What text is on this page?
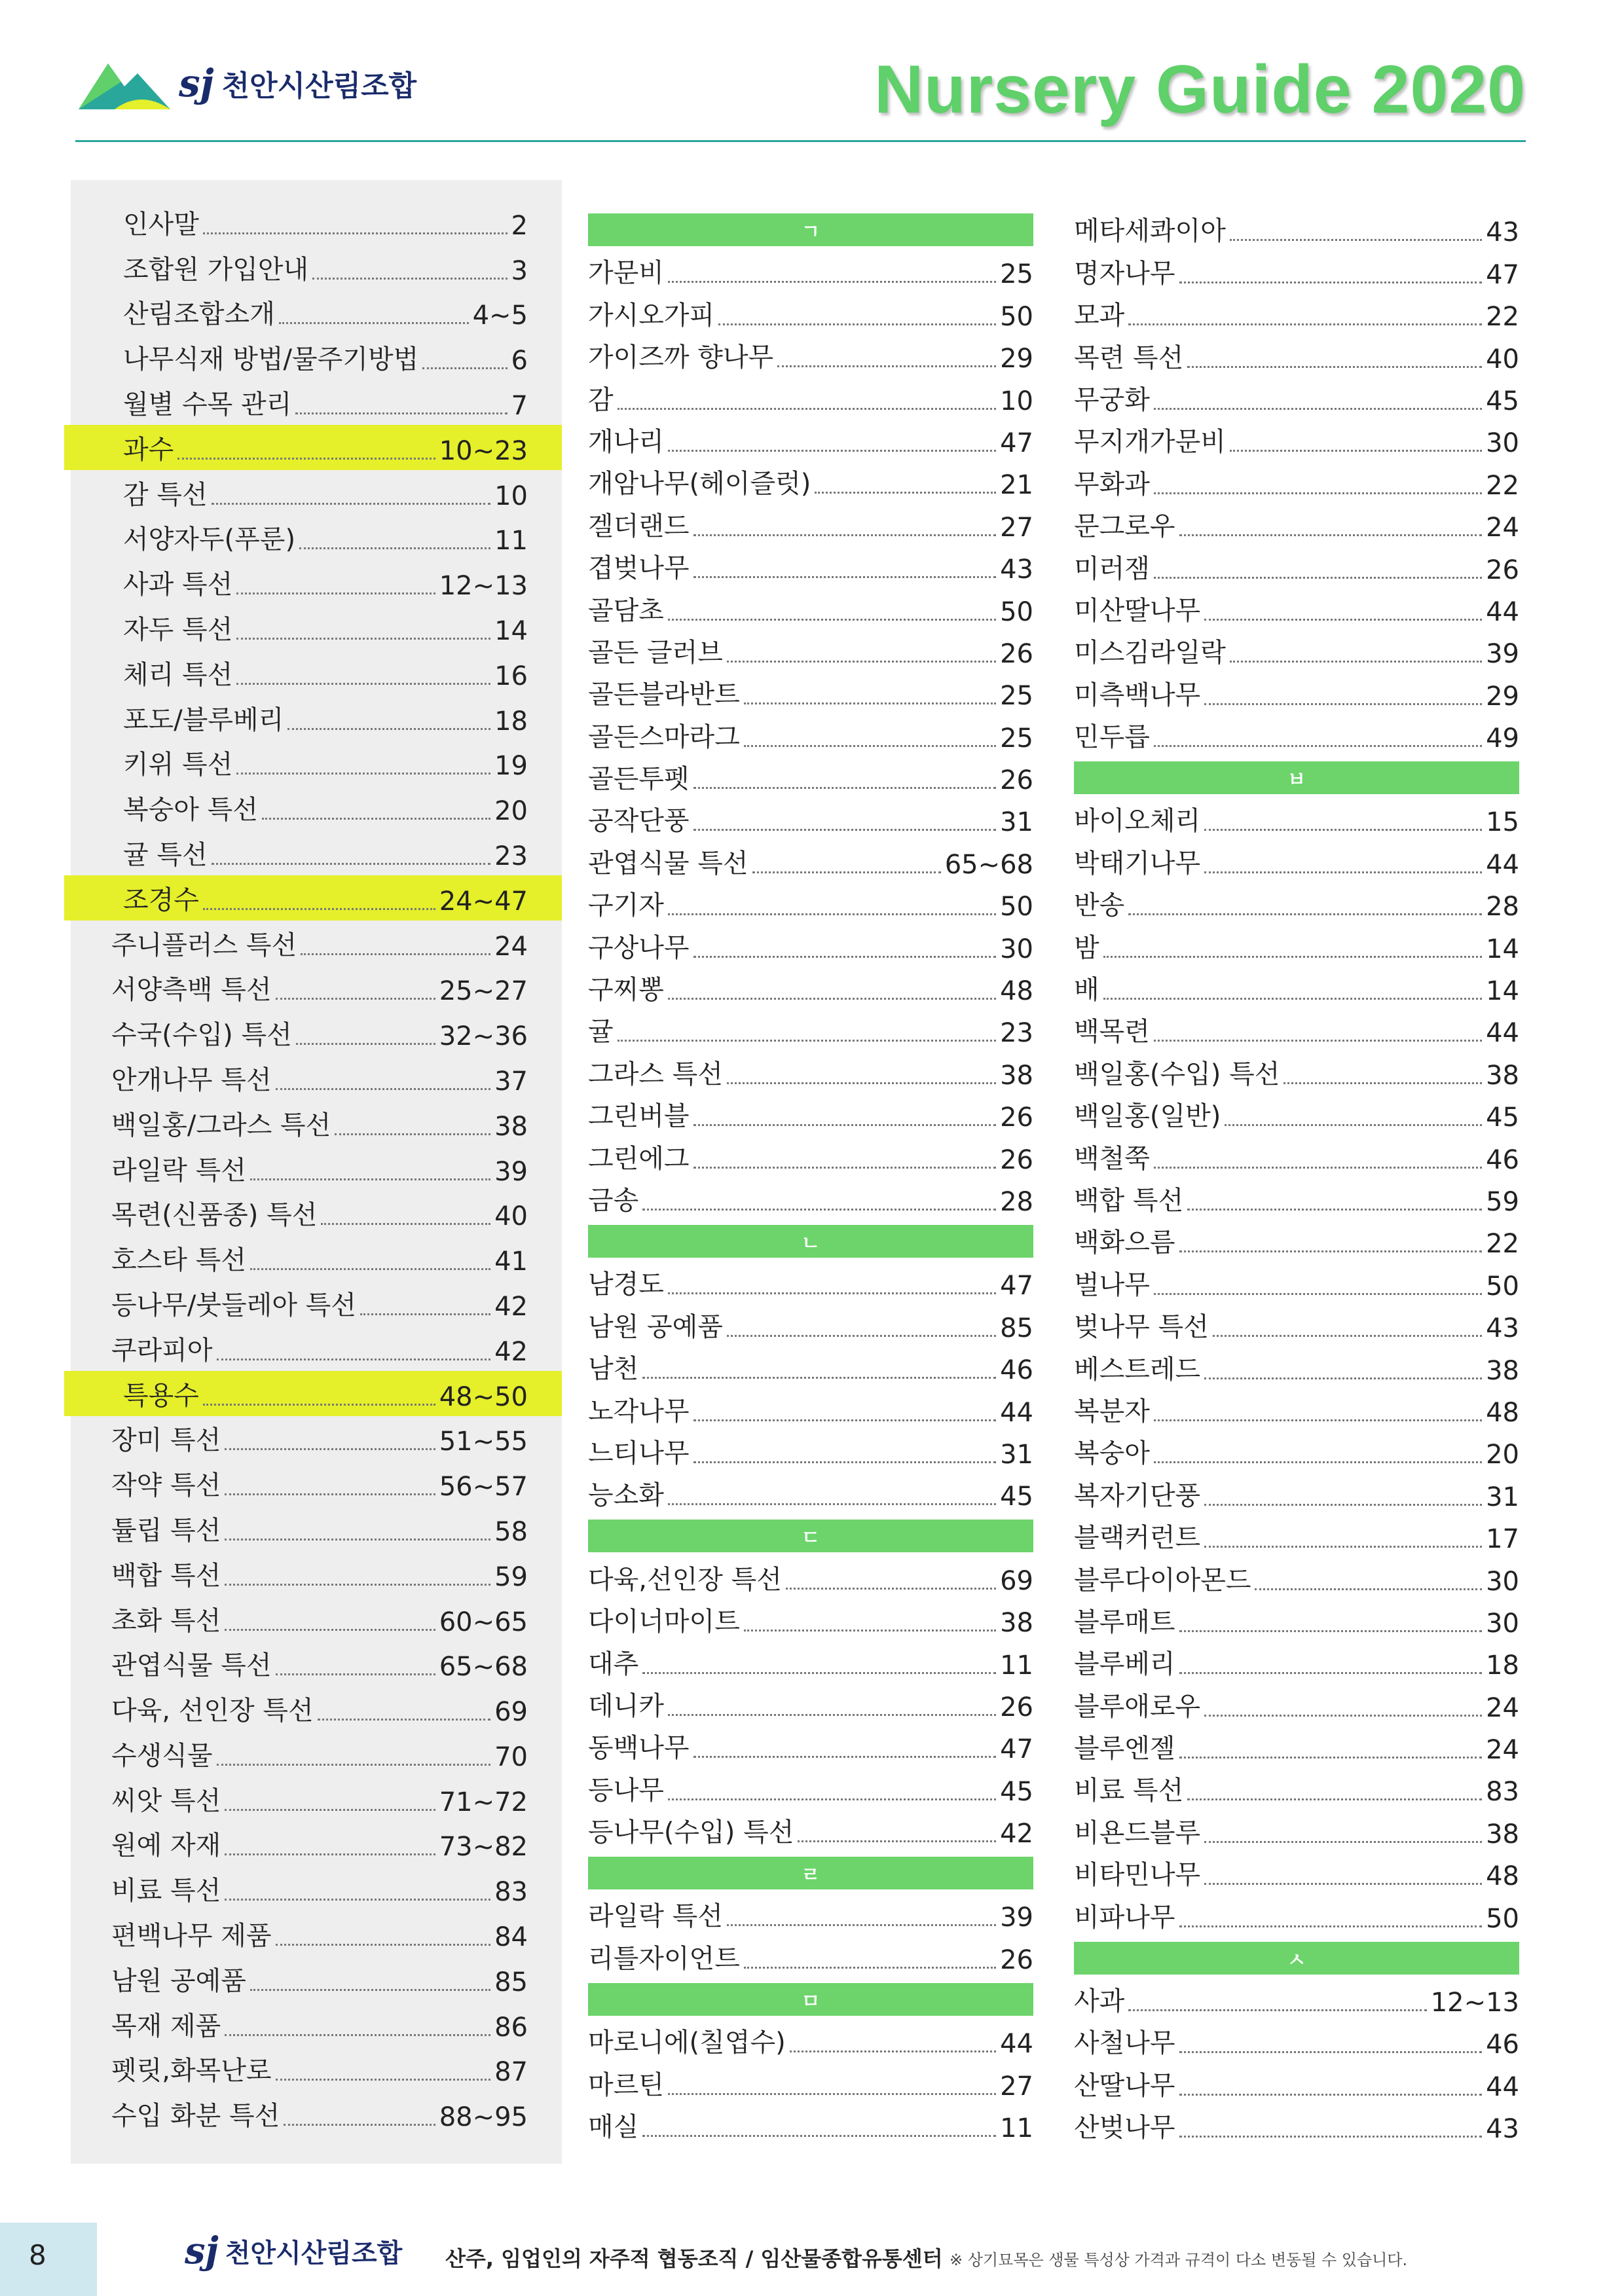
sj 천안시산림조합	Nursery Guide 2020
인사말	2
조합원 가입안내	3
산림조합소개	4~5
나무식재 방법/물주기방법	6
월별 수목 관리	7
과수	10~23
감 특선	10
서양자두(푸룬)	11
사과 특선	12~13
자두 특선	14
체리 특선	16
포도/블루베리	18
키위 특선	19
복숭아 특선	20
귤 특선	23
조경수	24~47
주니플러스 특선	24
서양측백 특선	25~27
수국(수입) 특선	32~36
안개나무 특선	37
백일홍/그라스 특선	38
라일락 특선	39
목련(신품종) 특선	40
호스타 특선	41
등나무/붓들레아 특선	42
쿠라피아	42
특용수	48~50
장미 특선	51~55
작약 특선	56~57
튤립 특선	58
백합 특선	59
초화 특선	60~65
관엽식물 특선	65~68
다육, 선인장 특선	69
수생식물	70
씨앗 특선	71~72
원예 자재	73~82
비료 특선	83
편백나무 제품	84
남원 공예품	85
목재 제품	86
펫릿,화목난로	87
수입 화분 특선	88~95
ㄱ
가문비	25
가시오가피	50
가이즈까 향나무	29
감	10
개나리	47
개암나무(헤이즐럿)	21
겔더랜드	27
겹벚나무	43
골담초	50
골든 글러브	26
골든블라반트	25
골든스마라그	25
골든투펫	26
공작단풍	31
관엽식물 특선	65~68
구기자	50
구상나무	30
구찌뽕	48
귤	23
그라스 특선	38
그린버블	26
그린에그	26
금송	28
ㄴ
남경도	47
남원 공예품	85
남천	46
노각나무	44
느티나무	31
능소화	45
ㄷ
다육,선인장 특선	69
다이너마이트	38
대추	11
데니카	26
동백나무	47
등나무	45
등나무(수입) 특선	42
ㄹ
라일락 특선	39
리틀자이언트	26
ㅁ
마로니에(칠엽수)	44
마르틴	27
매실	11
메타세콰이아	43
명자나무	47
모과	22
목련 특선	40
무궁화	45
무지개가문비	30
무화과	22
문그로우	24
미러잼	26
미산딸나무	44
미스김라일락	39
미측백나무	29
민두릅	49
ㅂ
바이오체리	15
박태기나무	44
반송	28
밤	14
배	14
백목련	44
백일홍(수입) 특선	38
백일홍(일반)	45
백철쭉	46
백합 특선	59
백화으름	22
벌나무	50
벚나무 특선	43
베스트레드	38
복분자	48
복숭아	20
복자기단풍	31
블랙커런트	17
블루다이아몬드	30
블루매트	30
블루베리	18
블루애로우	24
블루엔젤	24
비료 특선	83
비욘드블루	38
비타민나무	48
비파나무	50
ㅅ
사과	12~13
사철나무	46
산딸나무	44
산벚나무	43
8	sj 천안시산림조합 산주, 임업인의 자주적 협동조직 / 임산물종합유통센터 ※ 상기묘목은 생물 특성상 가격과 규격이 다소 변동될 수 있습니다.
